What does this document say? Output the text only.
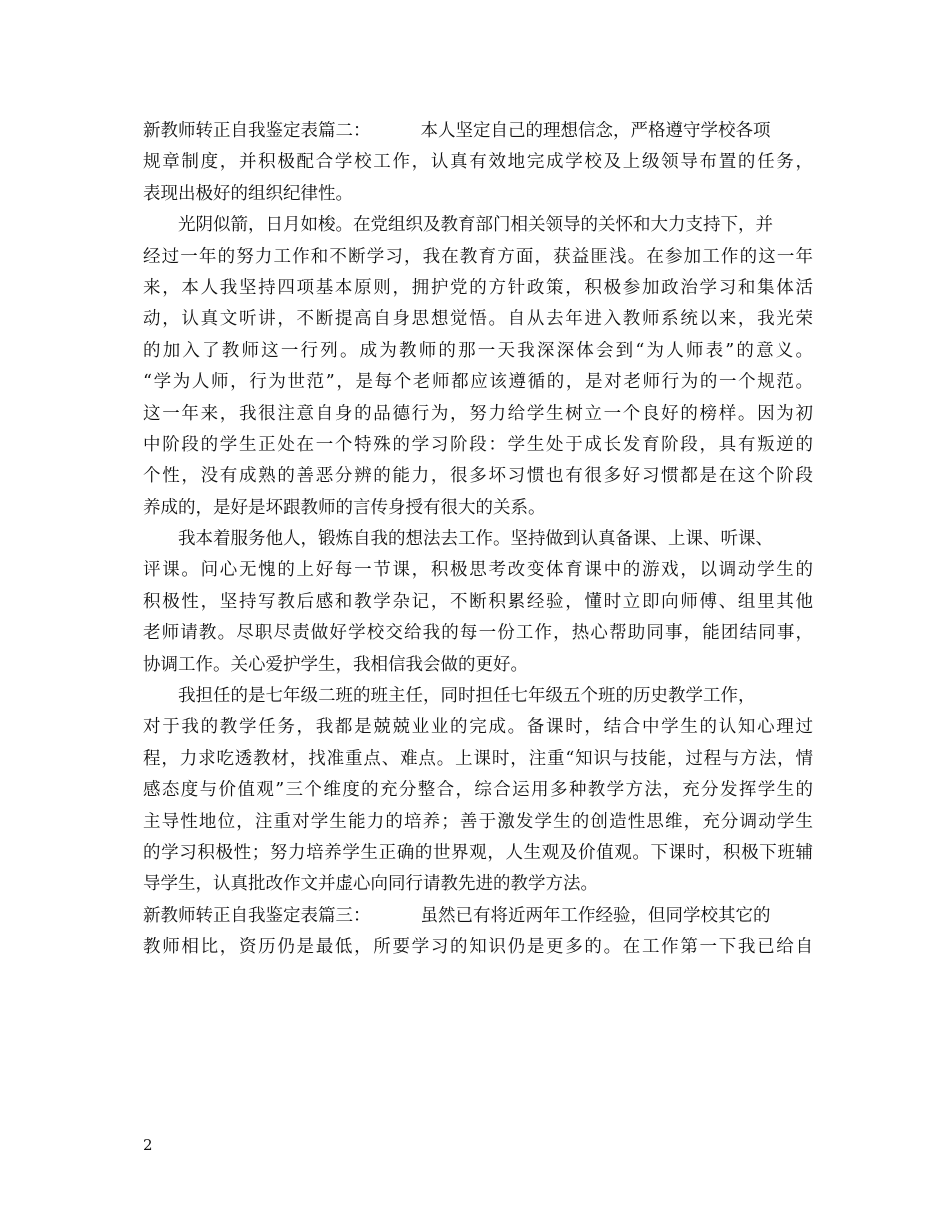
新教师转正自我鉴定表篇二：	本人坚定自己的理想信念，严格遵守学校各项
规章制度，并积极配合学校工作，认真有效地完成学校及上级领导布置的任务，
表现出极好的组织纪律性。
光阴似箭，日月如梭。在党组织及教育部门相关领导的关怀和大力支持下，并
经过一年的努力工作和不断学习，我在教育方面，获益匪浅。在参加工作的这一年
来，本人我坚持四项基本原则，拥护党的方针政策，积极参加政治学习和集体活
动，认真文听讲，不断提高自身思想觉悟。自从去年进入教师系统以来，我光荣
的加入了教师这一行列。成为教师的那一天我深深体会到“为人师表”的意义。
“学为人师，行为世范”，是每个老师都应该遵循的，是对老师行为的一个规范。
这一年来，我很注意自身的品德行为，努力给学生树立一个良好的榜样。因为初
中阶段的学生正处在一个特殊的学习阶段：学生处于成长发育阶段，具有叛逆的
个性，没有成熟的善恶分辨的能力，很多坏习惯也有很多好习惯都是在这个阶段
养成的，是好是坏跟教师的言传身授有很大的关系。
我本着服务他人，锻炼自我的想法去工作。坚持做到认真备课、上课、听课、
评课。问心无愧的上好每一节课，积极思考改变体育课中的游戏，以调动学生的
积极性，坚持写教后感和教学杂记，不断积累经验，懂时立即向师傅、组里其他
老师请教。尽职尽责做好学校交给我的每一份工作，热心帮助同事，能团结同事，
协调工作。关心爱护学生，我相信我会做的更好。
我担任的是七年级二班的班主任，同时担任七年级五个班的历史教学工作，
对于我的教学任务，我都是兢兢业业的完成。备课时，结合中学生的认知心理过
程，力求吃透教材，找准重点、难点。上课时，注重“知识与技能，过程与方法，情
感态度与价值观”三个维度的充分整合，综合运用多种教学方法，充分发挥学生的
主导性地位，注重对学生能力的培养；善于激发学生的创造性思维，充分调动学生
的学习积极性；努力培养学生正确的世界观，人生观及价值观。下课时，积极下班辅
导学生，认真批改作文并虚心向同行请教先进的教学方法。
新教师转正自我鉴定表篇三：	虽然已有将近两年工作经验，但同学校其它的
教师相比，资历仍是最低，所要学习的知识仍是更多的。在工作第一下我已给自
2
